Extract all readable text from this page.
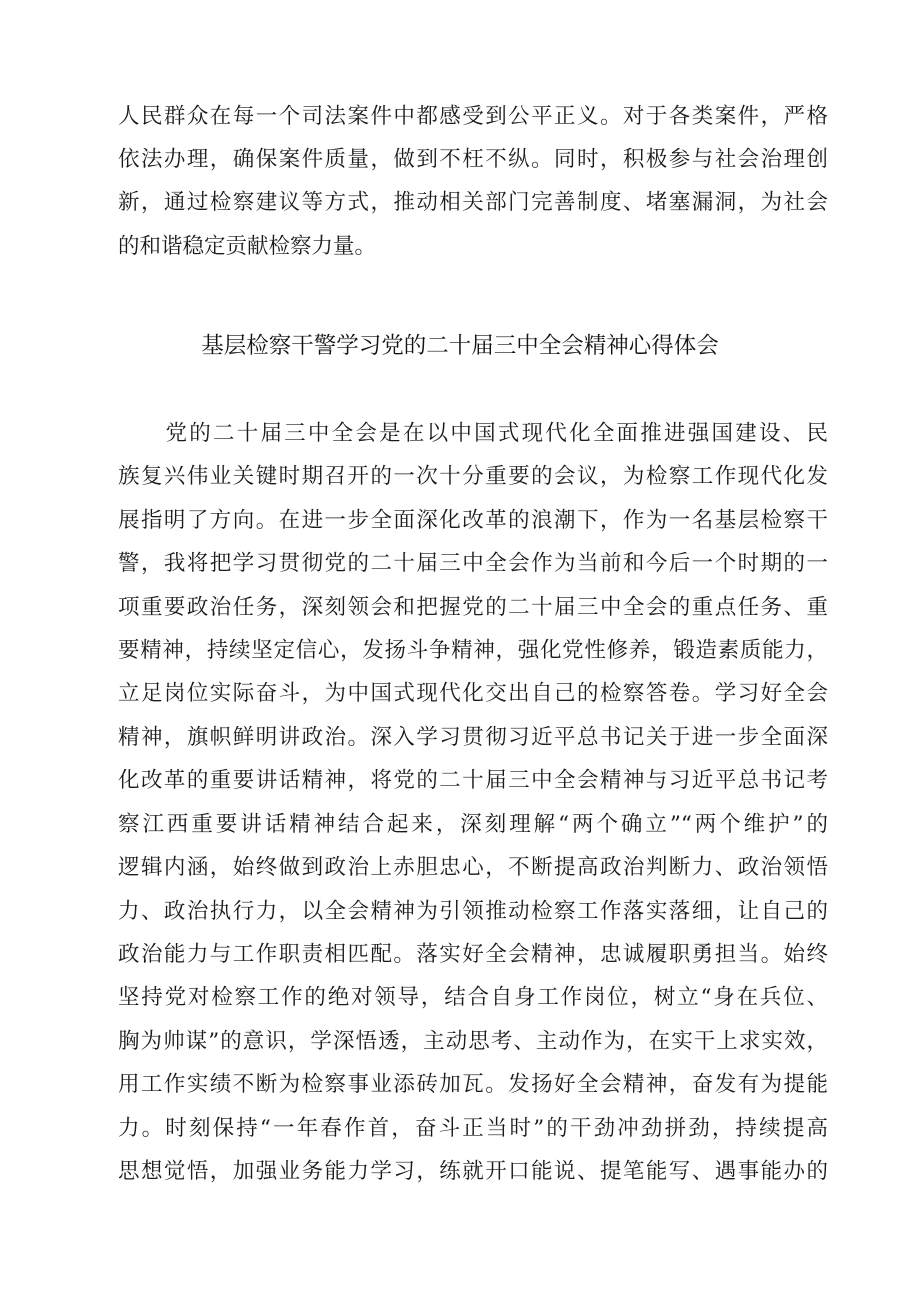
人民群众在每一个司法案件中都感受到公平正义。对于各类案件，严格
依法办理，确保案件质量，做到不枉不纵。同时，积极参与社会治理创
新，通过检察建议等方式，推动相关部门完善制度、堵塞漏洞，为社会
的和谐稳定贡献检察力量。
基层检察干警学习党的二十届三中全会精神心得体会
　　党的二十届三中全会是在以中国式现代化全面推进强国建设、民
族复兴伟业关键时期召开的一次十分重要的会议，为检察工作现代化发
展指明了方向。在进一步全面深化改革的浪潮下，作为一名基层检察干
警，我将把学习贯彻党的二十届三中全会作为当前和今后一个时期的一
项重要政治任务，深刻领会和把握党的二十届三中全会的重点任务、重
要精神，持续坚定信心，发扬斗争精神，强化党性修养，锻造素质能力，
立足岗位实际奋斗，为中国式现代化交出自己的检察答卷。学习好全会
精神，旗帜鲜明讲政治。深入学习贯彻习近平总书记关于进一步全面深
化改革的重要讲话精神，将党的二十届三中全会精神与习近平总书记考
察江西重要讲话精神结合起来，深刻理解“两个确立”“两个维护”的
逻辑内涵，始终做到政治上赤胆忠心，不断提高政治判断力、政治领悟
力、政治执行力，以全会精神为引领推动检察工作落实落细，让自己的
政治能力与工作职责相匹配。落实好全会精神，忠诚履职勇担当。始终
坚持党对检察工作的绝对领导，结合自身工作岗位，树立“身在兵位、
胸为帅谋”的意识，学深悟透，主动思考、主动作为，在实干上求实效，
用工作实绩不断为检察事业添砖加瓦。发扬好全会精神，奋发有为提能
力。时刻保持“一年春作首，奋斗正当时”的干劲冲劲拼劲，持续提高
思想觉悟，加强业务能力学习，练就开口能说、提笔能写、遇事能办的
